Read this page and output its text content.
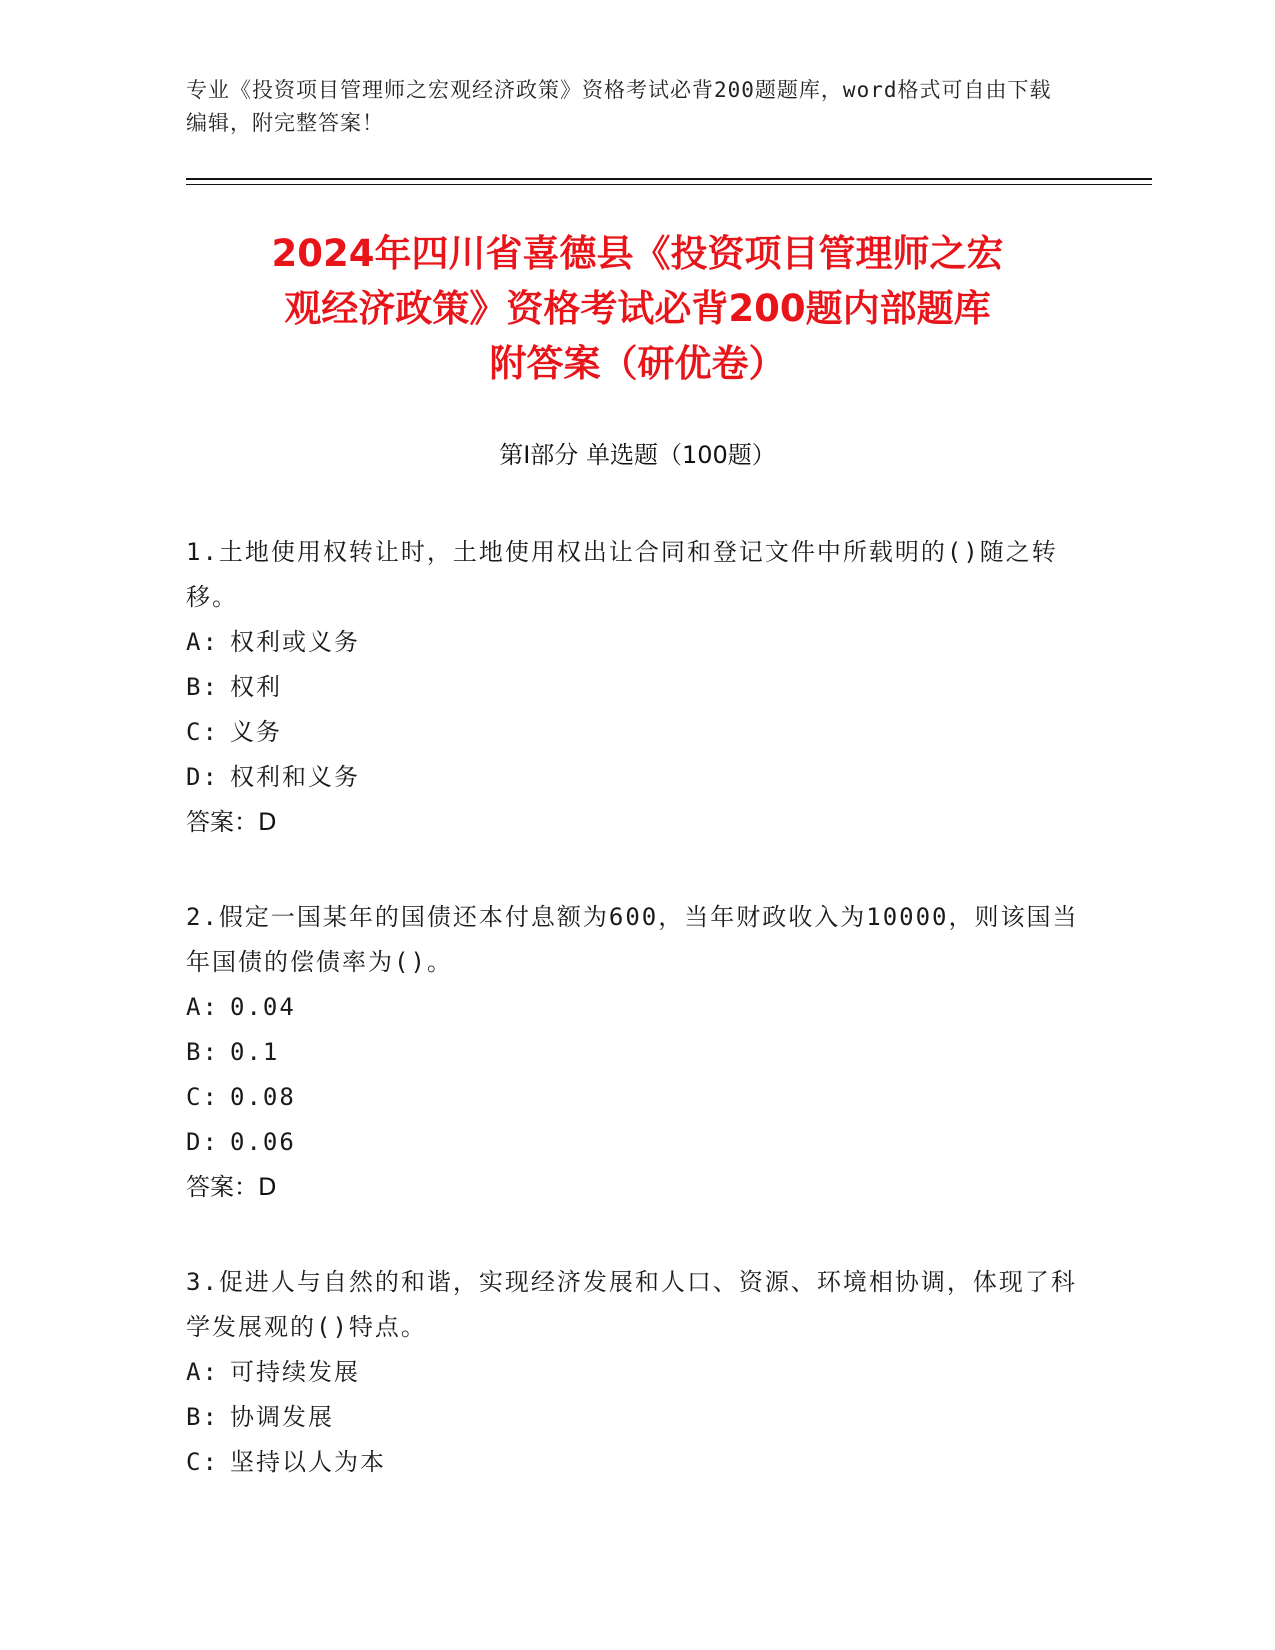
专业《投资项目管理师之宏观经济政策》资格考试必背200题题库，word格式可自由下载编辑，附完整答案！
2024年四川省喜德县《投资项目管理师之宏
观经济政策》资格考试必背200题内部题库
附答案（研优卷）
第I部分 单选题（100题）
1.土地使用权转让时，土地使用权出让合同和登记文件中所载明的()随之转移。
A: 权利或义务
B: 权利
C: 义务
D: 权利和义务
答案：D
2.假定一国某年的国债还本付息额为600，当年财政收入为10000，则该国当年国债的偿债率为()。
A: 0.04
B: 0.1
C: 0.08
D: 0.06
答案：D
3.促进人与自然的和谐，实现经济发展和人口、资源、环境相协调，体现了科学发展观的()特点。
A: 可持续发展
B: 协调发展
C: 坚持以人为本
